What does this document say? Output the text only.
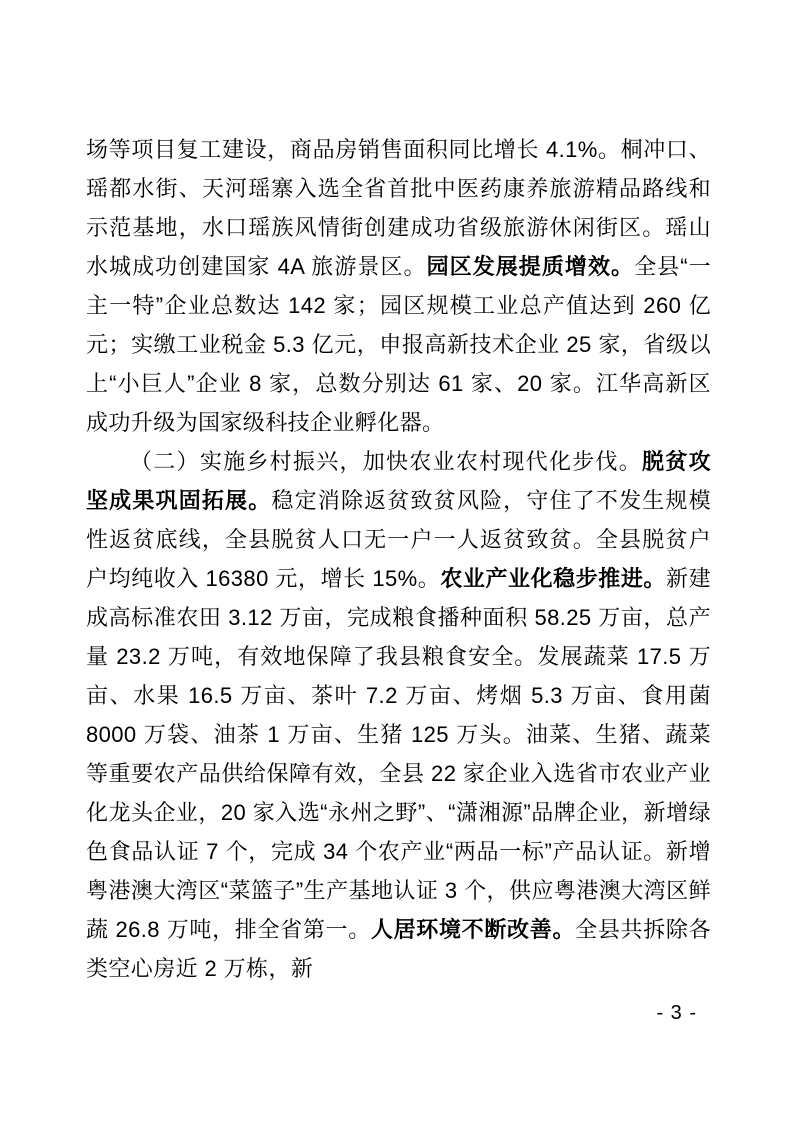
场等项目复工建设，商品房销售面积同比增长 4.1%。桐冲口、瑶都水街、天河瑶寨入选全省首批中医药康养旅游精品路线和示范基地，水口瑶族风情街创建成功省级旅游休闲街区。瑶山水城成功创建国家 4A 旅游景区。园区发展提质增效。全县“一主一特”企业总数达 142 家；园区规模工业总产值达到 260 亿元；实缴工业税金 5.3 亿元，申报高新技术企业 25 家，省级以上“小巨人”企业 8 家，总数分别达 61 家、20 家。江华高新区成功升级为国家级科技企业孵化器。

（二）实施乡村振兴，加快农业农村现代化步伐。脱贫攻坚成果巩固拓展。稳定消除返贫致贫风险，守住了不发生规模性返贫底线，全县脱贫人口无一户一人返贫致贫。全县脱贫户户均纯收入 16380 元，增长 15%。农业产业化稳步推进。新建成高标准农田 3.12 万亩，完成粮食播种面积 58.25 万亩，总产量 23.2 万吨，有效地保障了我县粮食安全。发展蔬菜 17.5 万亩、水果 16.5 万亩、茶叶 7.2 万亩、烤烟 5.3 万亩、食用菌 8000 万袋、油茶 1 万亩、生猪 125 万头。油菜、生猪、蔬菜等重要农产品供给保障有效，全县 22 家企业入选省市农业产业化龙头企业，20 家入选“永州之野”、“潇湘源”品牌企业，新增绿色食品认证 7 个，完成 34 个农产业“两品一标”产品认证。新增粤港澳大湾区“菜篮子”生产基地认证 3 个，供应粤港澳大湾区鲜蔬 26.8 万吨，排全省第一。人居环境不断改善。全县共拆除各类空心房近 2 万栋，新

- 3 -
